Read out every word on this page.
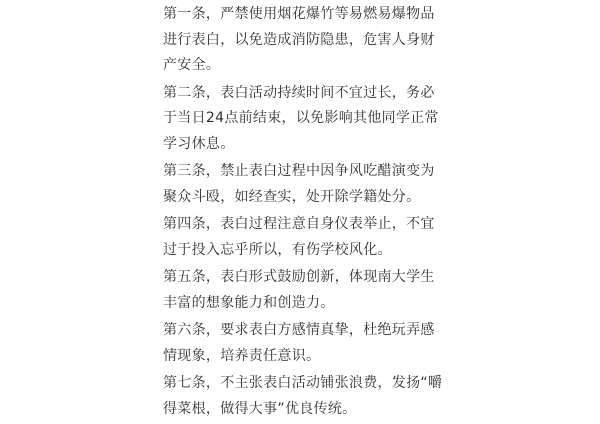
第一条，严禁使用烟花爆竹等易燃易爆物品
进行表白，以免造成消防隐患，危害人身财
产安全。
第二条，表白活动持续时间不宜过长，务必
于当日24点前结束，以免影响其他同学正常
学习休息。
第三条，禁止表白过程中因争风吃醋演变为
聚众斗殴，如经查实，处开除学籍处分。
第四条，表白过程注意自身仪表举止，不宜
过于投入忘乎所以，有伤学校风化。
第五条，表白形式鼓励创新，体现南大学生
丰富的想象能力和创造力。
第六条，要求表白方感情真挚，杜绝玩弄感
情现象，培养责任意识。
第七条，不主张表白活动铺张浪费，发扬“嚼
得菜根，做得大事”优良传统。
